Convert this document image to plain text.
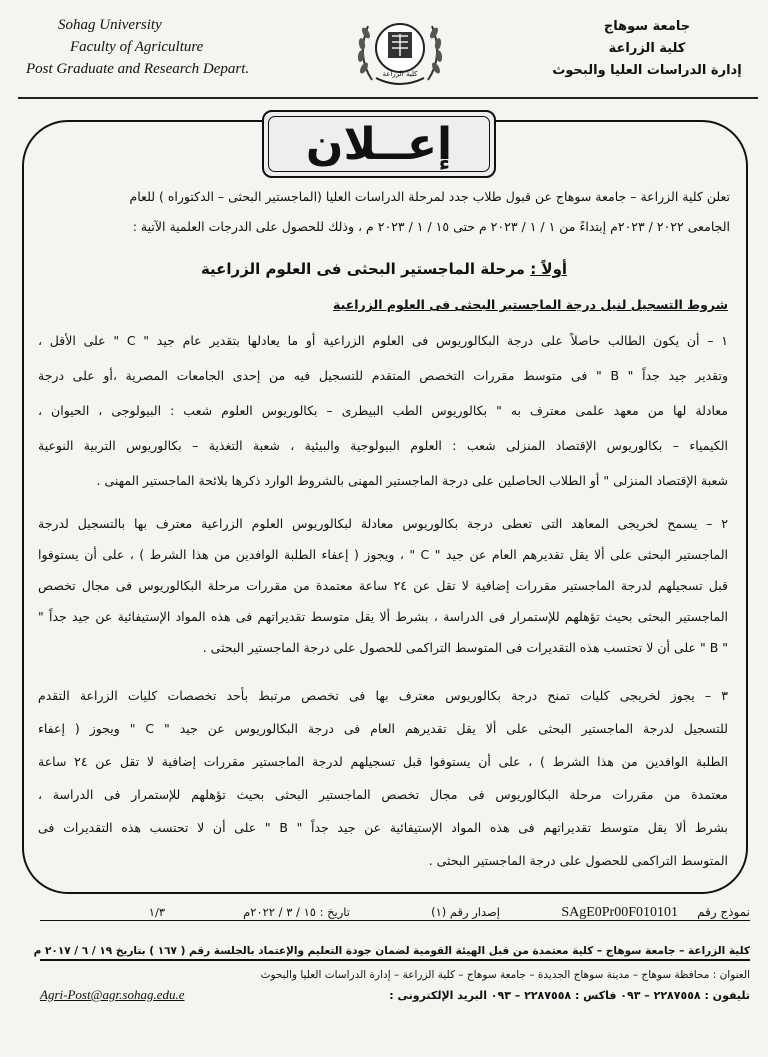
Sohag University
Faculty of Agriculture
Post Graduate and Research Depart.	كلية الزراعة
جامعة سوهاج
كلية الزراعة
إدارة الدراسات العليا والبحوث
إعــلان
تعلن كلية الزراعة – جامعة سوهاج عن قبول طلاب جدد لمرحلة الدراسات العليا (الماجستير البحثى – الدكتوراه ) للعام
الجامعى ٢٠٢٢ / ٢٠٢٣م إبتداءً من ١ / ١ / ٢٠٢٣ م حتى ١٥ / ١ / ٢٠٢٣ م ، وذلك للحصول على الدرجات العلمية الآتية :
أولاً : مرحلة الماجستير البحثى فى العلوم الزراعية
شروط التسجيل لنيل درجة الماجستير البحثى فى العلوم الزراعية
١ – أن يكون الطالب حاصلاً على درجة البكالوريوس فى العلوم الزراعية أو ما يعادلها بتقدير عام جيد " C " على الأقل ،
وتقدير جيد جداً " B " فى متوسط مقررات التخصص المتقدم للتسجيل فيه من إحدى الجامعات المصرية ،أو على درجة
معادلة لها من معهد علمى معترف به " بكالوريوس الطب البيطرى – بكالوريوس العلوم شعب : البيولوجى ، الحيوان ،
الكيمياء – بكالوريوس الإقتصاد المنزلى شعب : العلوم البيولوجية والبيئية ، شعبة التغذية – بكالوريوس التربية النوعية
شعبة الإقتصاد المنزلى " أو الطلاب الحاصلين على درجة الماجستير المهنى بالشروط الوارد ذكرها بلائحة الماجستير المهنى .
٢ – يسمح لخريجى المعاهد التى تعطى درجة بكالوريوس معادلة لبكالوريوس العلوم الزراعية معترف بها بالتسجيل لدرجة
الماجستير البحثى على ألا يقل تقديرهم العام عن جيد " C " ، ويجوز ( إعفاء الطلبة الوافدين من هذا الشرط ) ، على أن يستوفوا
قبل تسجيلهم لدرجة الماجستير مقررات إضافية لا تقل عن ٢٤ ساعة معتمدة من مقررات مرحلة البكالوريوس فى مجال تخصص
الماجستير البحثى بحيث تؤهلهم للإستمرار فى الدراسة ، بشرط ألا يقل متوسط تقديراتهم فى هذه المواد الإستيفائية عن جيد جداً "
" B " على أن لا تحتسب هذه التقديرات فى المتوسط التراكمى للحصول على درجة الماجستير البحثى .
٣ – يجوز لخريجى كليات تمنح درجة بكالوريوس معترف بها فى تخصص مرتبط بأحد تخصصات كليات الزراعة التقدم
للتسجيل لدرجة الماجستير البحثى على ألا يقل تقديرهم العام فى درجة البكالوريوس عن جيد " C " ويجوز ( إعفاء
الطلبة الوافدين من هذا الشرط ) ، على أن يستوفوا قبل تسجيلهم لدرجة الماجستير مقررات إضافية لا تقل عن ٢٤ ساعة
معتمدة من مقررات مرحلة البكالوريوس فى مجال تخصص الماجستير البحثى بحيث تؤهلهم للإستمرار فى الدراسة ،
بشرط ألا يقل متوسط تقديراتهم فى هذه المواد الإستيفائية عن جيد جداً " B " على أن لا تحتسب هذه التقديرات فى
المتوسط التراكمى للحصول على درجة الماجستير البحثى .
نموذج رقم
SAgE0Pr00F010101
إصدار رقم (١)
تاريخ : ١٥ / ٣ / ٢٠٢٢م
١/٣
كلية الزراعة – جامعة سوهاج – كلية معتمدة من قبل الهيئة القومية لضمان جودة التعليم والإعتماد بالجلسة رقم ( ١٦٧ ) بتاريخ ١٩ / ٦ / ٢٠١٧ م
العنوان : محافظة سوهاج – مدينة سوهاج الجديدة – جامعة سوهاج – كلية الزراعة – إدارة الدراسات العليا والبحوث
تليفون : ٢٢٨٧٥٥٨ – ٠٩٣ فاكس : ٢٢٨٧٥٥٨ – ٠٩٣ البريد الإلكترونى :
Agri-Post@agr.sohag.edu.e
